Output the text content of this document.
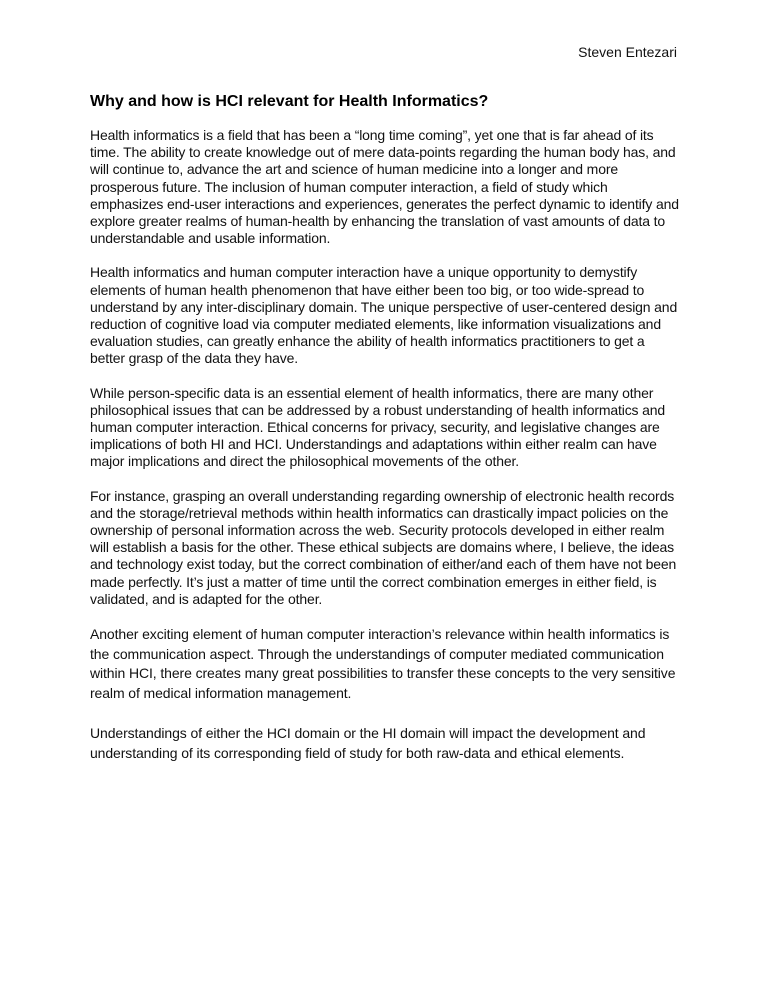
Steven Entezari
Why and how is HCI relevant for Health Informatics?

Health informatics is a field that has been a “long time coming”, yet one that is far ahead of its time. The ability to create knowledge out of mere data-points regarding the human body has, and will continue to, advance the art and science of human medicine into a longer and more prosperous future. The inclusion of human computer interaction, a field of study which emphasizes end-user interactions and experiences, generates the perfect dynamic to identify and explore greater realms of human-health by enhancing the translation of vast amounts of data to understandable and usable information.

Health informatics and human computer interaction have a unique opportunity to demystify elements of human health phenomenon that have either been too big, or too wide-spread to understand by any inter-disciplinary domain. The unique perspective of user-centered design and reduction of cognitive load via computer mediated elements, like information visualizations and evaluation studies, can greatly enhance the ability of health informatics practitioners to get a better grasp of the data they have.

While person-specific data is an essential element of health informatics, there are many other philosophical issues that can be addressed by a robust understanding of health informatics and human computer interaction. Ethical concerns for privacy, security, and legislative changes are implications of both HI and HCI. Understandings and adaptations within either realm can have major implications and direct the philosophical movements of the other.

For instance, grasping an overall understanding regarding ownership of electronic health records and the storage/retrieval methods within health informatics can drastically impact policies on the ownership of personal information across the web. Security protocols developed in either realm will establish a basis for the other. These ethical subjects are domains where, I believe, the ideas and technology exist today, but the correct combination of either/and each of them have not been made perfectly. It’s just a matter of time until the correct combination emerges in either field, is validated, and is adapted for the other.

Another exciting element of human computer interaction’s relevance within health informatics is the communication aspect. Through the understandings of computer mediated communication within HCI, there creates many great possibilities to transfer these concepts to the very sensitive realm of medical information management.

Understandings of either the HCI domain or the HI domain will impact the development and understanding of its corresponding field of study for both raw-data and ethical elements.
